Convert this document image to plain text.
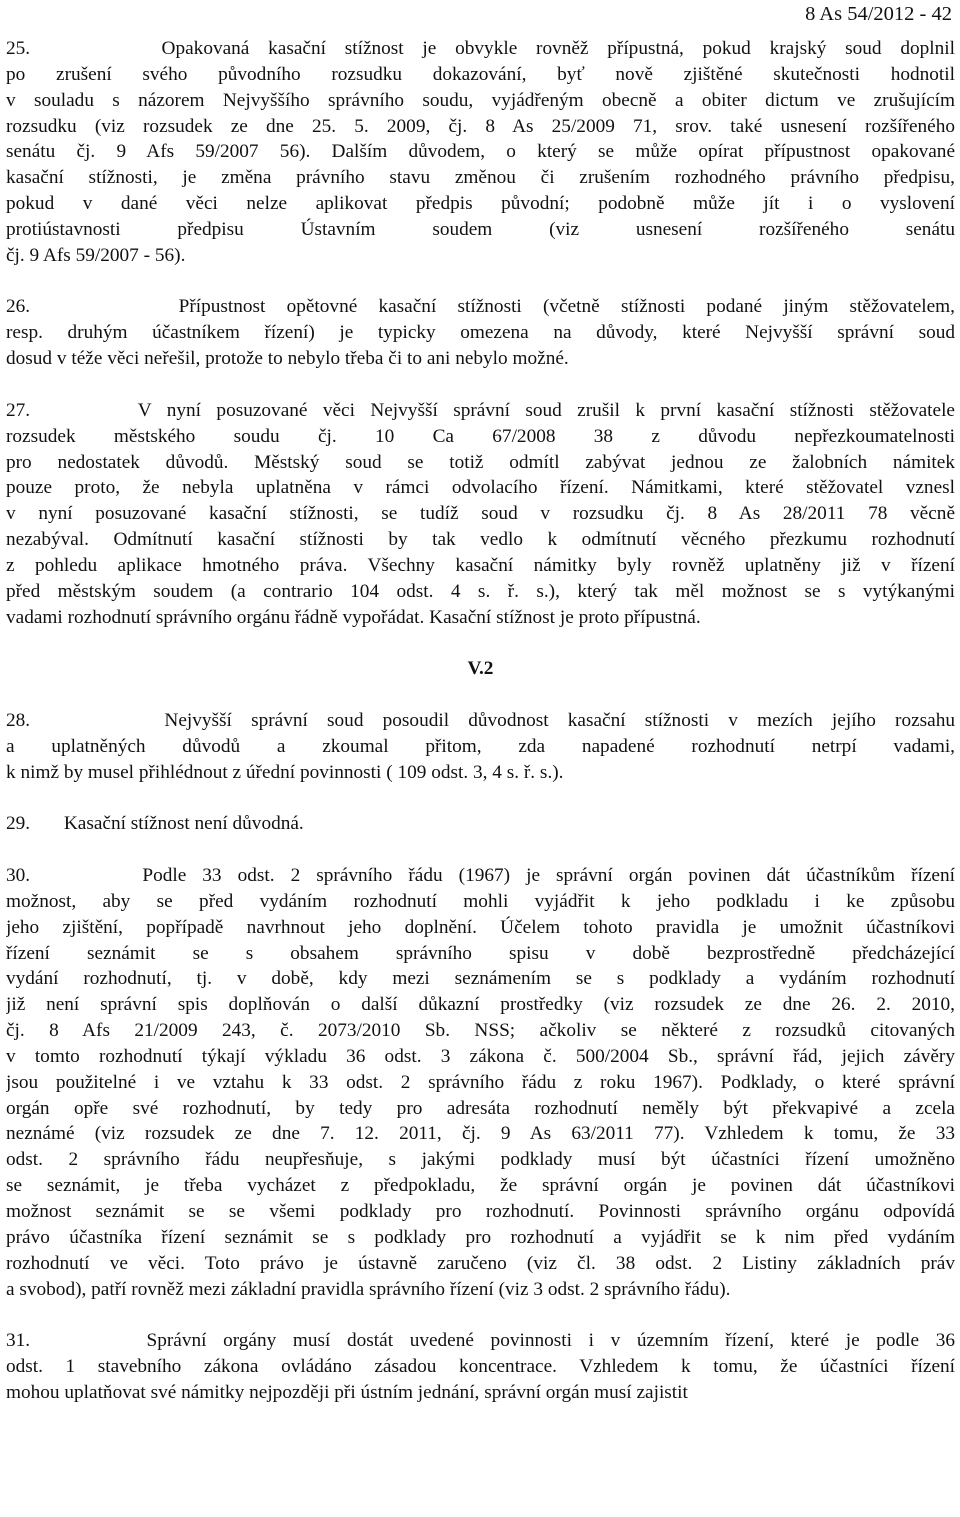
8 As 54/2012 - 42
25.       Opakovaná kasační stížnost je obvykle rovněž přípustná, pokud krajský soud doplnil
po zrušení svého původního rozsudku dokazování, byť nově zjištěné skutečnosti hodnotil
v souladu s názorem Nejvyššího správního soudu, vyjádřeným obecně a obiter dictum ve zrušujícím
rozsudku (viz rozsudek ze dne 25. 5. 2009, čj. 8 As 25/2009 71, srov. také usnesení rozšířeného
senátu čj. 9 Afs 59/2007 56). Dalším důvodem, o který se může opírat přípustnost opakované
kasační stížnosti, je změna právního stavu změnou či zrušením rozhodného právního předpisu,
pokud v dané věci nelze aplikovat předpis původní; podobně může jít i o vyslovení
protiústavnosti předpisu Ústavním soudem (viz usnesení rozšířeného senátu
čj. 9 Afs 59/2007 - 56).
26.       Přípustnost opětovné kasační stížnosti (včetně stížnosti podané jiným stěžovatelem,
resp. druhým účastníkem řízení) je typicky omezena na důvody, které Nejvyšší správní soud
dosud v téže věci neřešil, protože to nebylo třeba či to ani nebylo možné.
27.       V nyní posuzované věci Nejvyšší správní soud zrušil k první kasační stížnosti stěžovatele
rozsudek městského soudu čj. 10 Ca 67/2008 38 z důvodu nepřezkoumatelnosti
pro nedostatek důvodů. Městský soud se totiž odmítl zabývat jednou ze žalobních námitek
pouze proto, že nebyla uplatněna v rámci odvolacího řízení. Námitkami, které stěžovatel vznesl
v nyní posuzované kasační stížnosti, se tudíž soud v rozsudku čj. 8 As 28/2011 78 věcně
nezabýval. Odmítnutí kasační stížnosti by tak vedlo k odmítnutí věcného přezkumu rozhodnutí
z pohledu aplikace hmotného práva. Všechny kasační námitky byly rovněž uplatněny již v řízení
před městským soudem (a contrario 104 odst. 4 s. ř. s.), který tak měl možnost se s vytýkanými
vadami rozhodnutí správního orgánu řádně vypořádat. Kasační stížnost je proto přípustná.
V.2
28.       Nejvyšší správní soud posoudil důvodnost kasační stížnosti v mezích jejího rozsahu
a uplatněných důvodů a zkoumal přitom, zda napadené rozhodnutí netrpí vadami,
k nimž by musel přihlédnout z úřední povinnosti ( 109 odst. 3, 4 s. ř. s.).
29.       Kasační stížnost není důvodná.
30.       Podle 33 odst. 2 správního řádu (1967) je správní orgán povinen dát účastníkům řízení
možnost, aby se před vydáním rozhodnutí mohli vyjádřit k jeho podkladu i ke způsobu
jeho zjištění, popřípadě navrhnout jeho doplnění. Účelem tohoto pravidla je umožnit účastníkovi
řízení seznámit se s obsahem správního spisu v době bezprostředně předcházející
vydání rozhodnutí, tj. v době, kdy mezi seznámením se s podklady a vydáním rozhodnutí
již není správní spis doplňován o další důkazní prostředky (viz rozsudek ze dne 26. 2. 2010,
čj. 8 Afs 21/2009 243, č. 2073/2010 Sb. NSS; ačkoliv se některé z rozsudků citovaných
v tomto rozhodnutí týkají výkladu 36 odst. 3 zákona č. 500/2004 Sb., správní řád, jejich závěry
jsou použitelné i ve vztahu k 33 odst. 2 správního řádu z roku 1967). Podklady, o které správní
orgán opře své rozhodnutí, by tedy pro adresáta rozhodnutí neměly být překvapivé a zcela
neznámé (viz rozsudek ze dne 7. 12. 2011, čj. 9 As 63/2011 77). Vzhledem k tomu, že 33
odst. 2 správního řádu neupřesňuje, s jakými podklady musí být účastníci řízení umožněno
se seznámit, je třeba vycházet z předpokladu, že správní orgán je povinen dát účastníkovi
možnost seznámit se se všemi podklady pro rozhodnutí. Povinnosti správního orgánu odpovídá
právo účastníka řízení seznámit se s podklady pro rozhodnutí a vyjádřit se k nim před vydáním
rozhodnutí ve věci. Toto právo je ústavně zaručeno (viz čl. 38 odst. 2 Listiny základních práv
a svobod), patří rovněž mezi základní pravidla správního řízení (viz 3 odst. 2 správního řádu).
31.       Správní orgány musí dostát uvedené povinnosti i v územním řízení, které je podle 36
odst. 1 stavebního zákona ovládáno zásadou koncentrace. Vzhledem k tomu, že účastníci řízení
mohou uplatňovat své námitky nejpozději při ústním jednání, správní orgán musí zajistit
